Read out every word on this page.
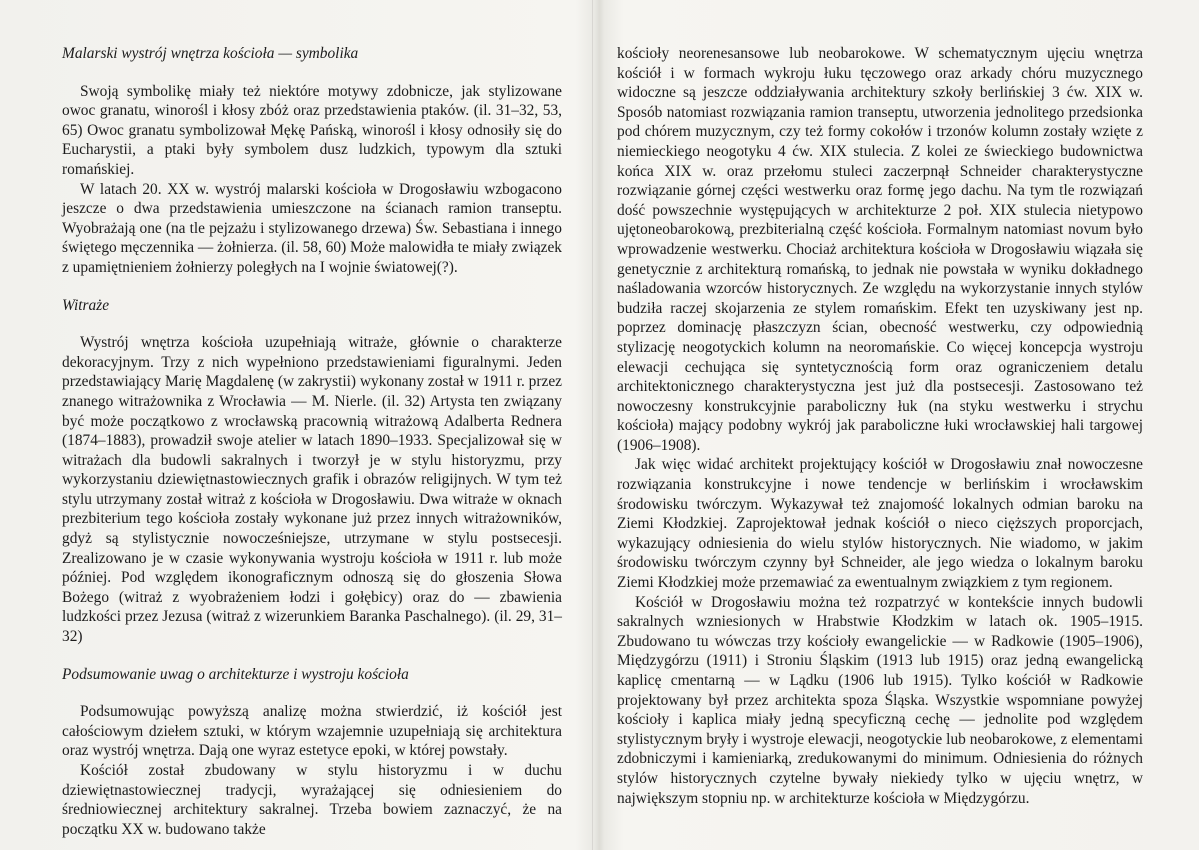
Malarski wystrój wnętrza kościoła — symbolika

Swoją symbolikę miały też niektóre motywy zdobnicze, jak stylizowane owoc granatu, winorośl i kłosy zbóż oraz przedstawienia ptaków. (il. 31–32, 53, 65) Owoc granatu symbolizował Mękę Pańską, winorośl i kłosy odnosiły się do Eucharystii, a ptaki były symbolem dusz ludzkich, typowym dla sztuki romańskiej.

W latach 20. XX w. wystrój malarski kościoła w Drogosławiu wzbogacono jeszcze o dwa przedstawienia umieszczone na ścianach ramion transeptu. Wyobrażają one (na tle pejzażu i stylizowanego drzewa) Św. Sebastiana i innego świętego męczennika — żołnierza. (il. 58, 60) Może malowidła te miały związek z upamiętnieniem żołnierzy poległych na I wojnie światowej(?).

Witraże

Wystrój wnętrza kościoła uzupełniają witraże, głównie o charakterze dekoracyjnym. Trzy z nich wypełniono przedstawieniami figuralnymi. Jeden przedstawiający Marię Magdalenę (w zakrystii) wykonany został w 1911 r. przez znanego witrażownika z Wrocławia — M. Nierle. (il. 32) Artysta ten związany być może początkowo z wrocławską pracownią witrażową Adalberta Rednera (1874–1883), prowadził swoje atelier w latach 1890–1933. Specjalizował się w witrażach dla budowli sakralnych i tworzył je w stylu historyzmu, przy wykorzystaniu dziewiętnastowiecznych grafik i obrazów religijnych. W tym też stylu utrzymany został witraż z kościoła w Drogosławiu. Dwa witraże w oknach prezbiterium tego kościoła zostały wykonane już przez innych witrażowników, gdyż są stylistycznie nowocześniejsze, utrzymane w stylu postsecesji. Zrealizowano je w czasie wykonywania wystroju kościoła w 1911 r. lub może później. Pod względem ikonograficznym odnoszą się do głoszenia Słowa Bożego (witraż z wyobrażeniem łodzi i gołębicy) oraz do — zbawienia ludzkości przez Jezusa (witraż z wizerunkiem Baranka Paschalnego). (il. 29, 31– 32)

Podsumowanie uwag o architekturze i wystroju kościoła

Podsumowując powyższą analizę można stwierdzić, iż kościół jest całościowym dziełem sztuki, w którym wzajemnie uzupełniają się architektura oraz wystrój wnętrza. Dają one wyraz estetyce epoki, w której powstały.

Kościół został zbudowany w stylu historyzmu i w duchu dziewiętnastowiecznej tradycji, wyrażającej się odniesieniem do średniowiecznej architektury sakralnej. Trzeba bowiem zaznaczyć, że na początku XX w. budowano także

kościoły neorenesansowe lub neobarokowe. W schematycznym ujęciu wnętrza kościół i w formach wykroju łuku tęczowego oraz arkady chóru muzycznego widoczne są jeszcze oddziaływania architektury szkoły berlińskiej 3 ćw. XIX w. Sposób natomiast rozwiązania ramion transeptu, utworzenia jednolitego przedsionka pod chórem muzycznym, czy też formy cokołów i trzonów kolumn zostały wzięte z niemieckiego neogotyku 4 ćw. XIX stulecia. Z kolei ze świeckiego budownictwa końca XIX w. oraz przełomu stuleci zaczerpnął Schneider charakterystyczne rozwiązanie górnej części westwerku oraz formę jego dachu. Na tym tle rozwiązań dość powszechnie występujących w architekturze 2 poł. XIX stulecia nietypowo ujętoneobarokową, prezbiterialną część kościoła. Formalnym natomiast novum było wprowadzenie westwerku. Chociaż architektura kościoła w Drogosławiu wiązała się genetycznie z architekturą romańską, to jednak nie powstała w wyniku dokładnego naśladowania wzorców historycznych. Ze względu na wykorzystanie innych stylów budziła raczej skojarzenia ze stylem romańskim. Efekt ten uzyskiwany jest np. poprzez dominację płaszczyzn ścian, obecność westwerku, czy odpowiednią stylizację neogotyckich kolumn na neoromańskie. Co więcej koncepcja wystroju elewacji cechująca się syntetycznością form oraz ograniczeniem detalu architektonicznego charakterystyczna jest już dla postsecesji. Zastosowano też nowoczesny konstrukcyjnie paraboliczny łuk (na styku westwerku i strychu kościoła) mający podobny wykrój jak paraboliczne łuki wrocławskiej hali targowej (1906–1908).

Jak więc widać architekt projektujący kościół w Drogosławiu znał nowoczesne rozwiązania konstrukcyjne i nowe tendencje w berlińskim i wrocławskim środowisku twórczym. Wykazywał też znajomość lokalnych odmian baroku na Ziemi Kłodzkiej. Zaprojektował jednak kościół o nieco cięższych proporcjach, wykazujący odniesienia do wielu stylów historycznych. Nie wiadomo, w jakim środowisku twórczym czynny był Schneider, ale jego wiedza o lokalnym baroku Ziemi Kłodzkiej może przemawiać za ewentualnym związkiem z tym regionem.

Kościół w Drogosławiu można też rozpatrzyć w kontekście innych budowli sakralnych wzniesionych w Hrabstwie Kłodzkim w latach ok. 1905–1915. Zbudowano tu wówczas trzy kościoły ewangelickie — w Radkowie (1905–1906), Międzygórzu (1911) i Stroniu Śląskim (1913 lub 1915) oraz jedną ewangelicką kaplicę cmentarną — w Lądku (1906 lub 1915). Tylko kościół w Radkowie projektowany był przez architekta spoza Śląska. Wszystkie wspomniane powyżej kościoły i kaplica miały jedną specyficzną cechę — jednolite pod względem stylistycznym bryły i wystroje elewacji, neogotyckie lub neobarokowe, z elementami zdobniczymi i kamieniarką, zredukowanymi do minimum. Odniesienia do różnych stylów historycznych czytelne bywały niekiedy tylko w ujęciu wnętrz, w największym stopniu np. w architekturze kościoła w Międzygórzu.
